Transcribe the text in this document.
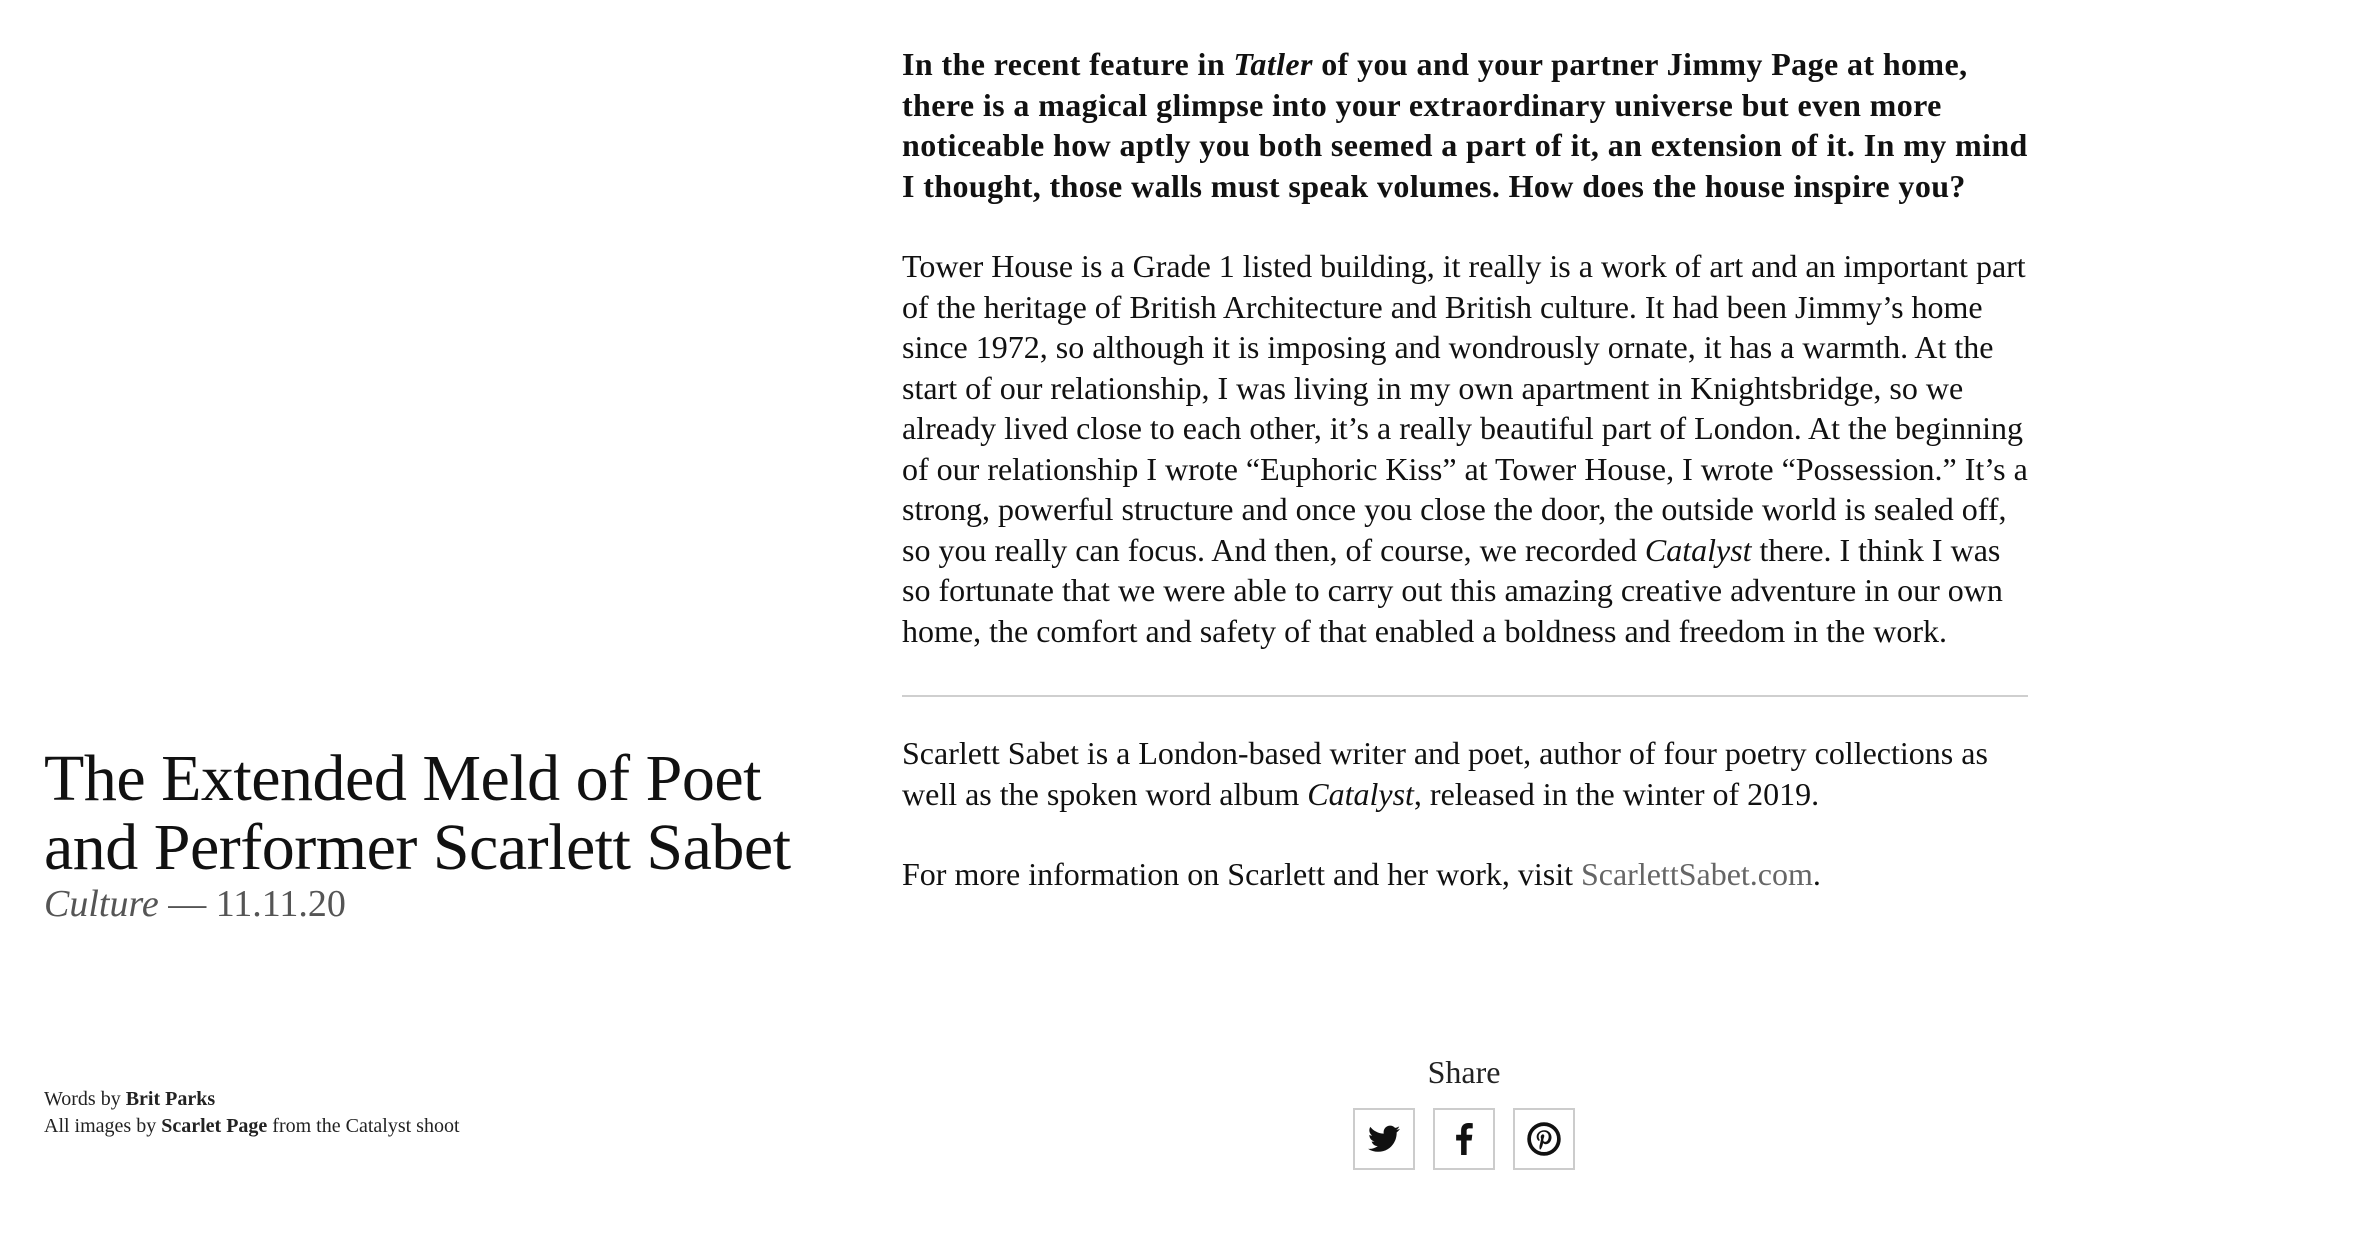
The Extended Meld of Poet and Performer Scarlett Sabet
Culture — 11.11.20
Words by Brit Parks
All images by Scarlet Page from the Catalyst shoot

In the recent feature in Tatler of you and your partner Jimmy Page at home, there is a magical glimpse into your extraordinary universe but even more noticeable how aptly you both seemed a part of it, an extension of it. In my mind I thought, those walls must speak volumes. How does the house inspire you?

Tower House is a Grade 1 listed building, it really is a work of art and an important part of the heritage of British Architecture and British culture. It had been Jimmy’s home since 1972, so although it is imposing and wondrously ornate, it has a warmth. At the start of our relationship, I was living in my own apartment in Knightsbridge, so we already lived close to each other, it’s a really beautiful part of London. At the beginning of our relationship I wrote “Euphoric Kiss” at Tower House, I wrote “Possession.” It’s a strong, powerful structure and once you close the door, the outside world is sealed off, so you really can focus. And then, of course, we recorded Catalyst there. I think I was so fortunate that we were able to carry out this amazing creative adventure in our own home, the comfort and safety of that enabled a boldness and freedom in the work.

Scarlett Sabet is a London-based writer and poet, author of four poetry collections as well as the spoken word album Catalyst, released in the winter of 2019.

For more information on Scarlett and her work, visit ScarlettSabet.com.

Share
